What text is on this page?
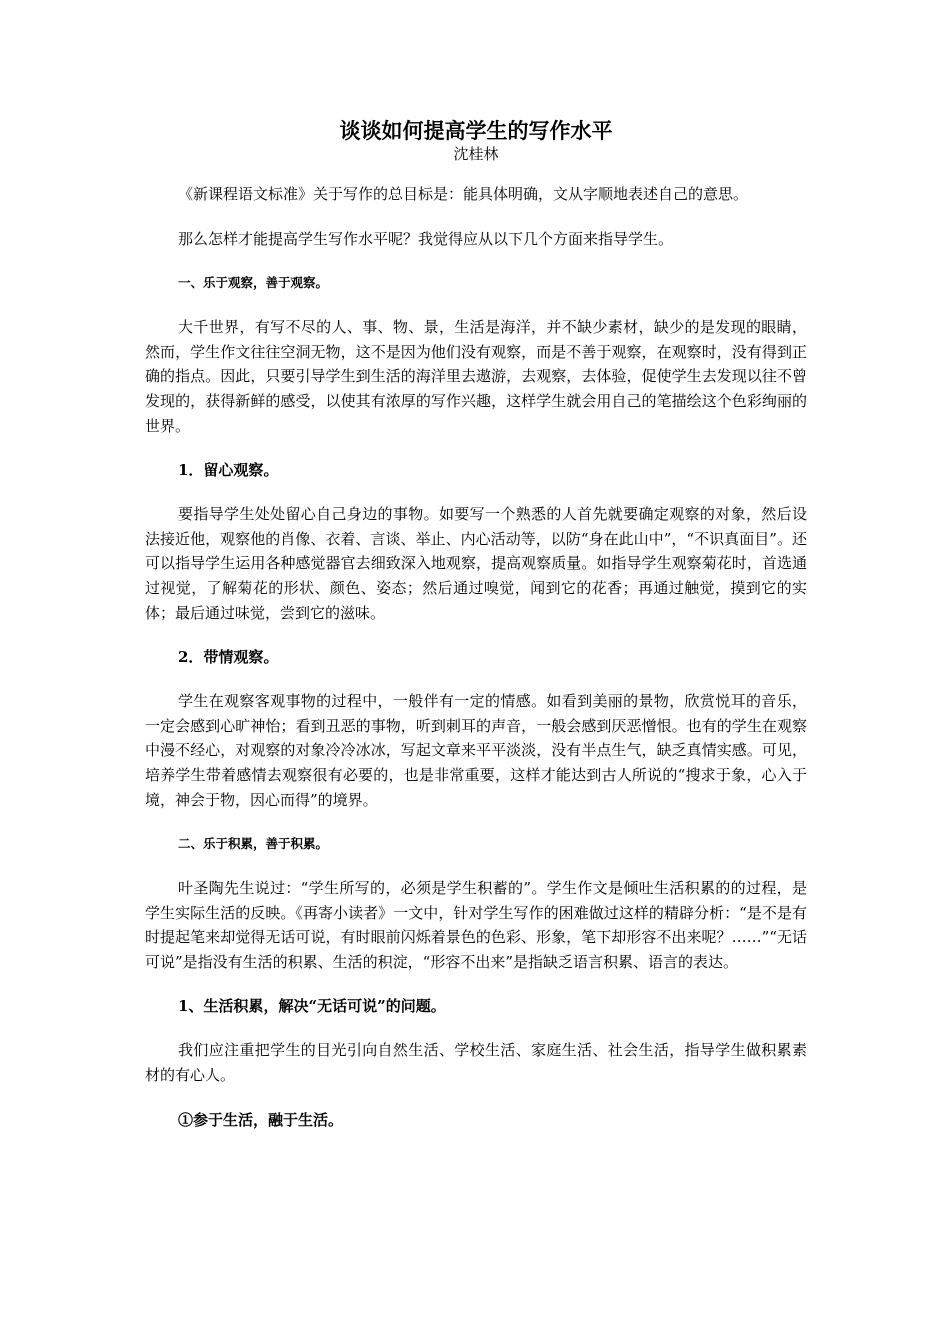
谈谈如何提高学生的写作水平
沈桂林

《新课程语文标准》关于写作的总目标是：能具体明确，文从字顺地表述自己的意思。

那么怎样才能提高学生写作水平呢？我觉得应从以下几个方面来指导学生。

一、乐于观察，善于观察。

大千世界，有写不尽的人、事、物、景，生活是海洋，并不缺少素材，缺少的是发现的眼睛，然而，学生作文往往空洞无物，这不是因为他们没有观察，而是不善于观察，在观察时，没有得到正确的指点。因此，只要引导学生到生活的海洋里去遨游，去观察，去体验，促使学生去发现以往不曾发现的，获得新鲜的感受，以使其有浓厚的写作兴趣，这样学生就会用自己的笔描绘这个色彩绚丽的世界。

1．留心观察。

要指导学生处处留心自己身边的事物。如要写一个熟悉的人首先就要确定观察的对象，然后设法接近他，观察他的肖像、衣着、言谈、举止、内心活动等，以防“身在此山中”，“不识真面目”。还可以指导学生运用各种感觉器官去细致深入地观察，提高观察质量。如指导学生观察菊花时，首选通过视觉，了解菊花的形状、颜色、姿态；然后通过嗅觉，闻到它的花香；再通过触觉，摸到它的实体；最后通过味觉，尝到它的滋味。

2．带情观察。

学生在观察客观事物的过程中，一般伴有一定的情感。如看到美丽的景物，欣赏悦耳的音乐，一定会感到心旷神怡；看到丑恶的事物，听到刺耳的声音，一般会感到厌恶憎恨。也有的学生在观察中漫不经心，对观察的对象冷冷冰冰，写起文章来平平淡淡，没有半点生气，缺乏真情实感。可见，培养学生带着感情去观察很有必要的，也是非常重要，这样才能达到古人所说的“搜求于象，心入于境，神会于物，因心而得”的境界。

二、乐于积累，善于积累。

叶圣陶先生说过：“学生所写的，必须是学生积蓄的”。学生作文是倾吐生活积累的的过程，是学生实际生活的反映。《再寄小读者》一文中，针对学生写作的困难做过这样的精辟分析：“是不是有时提起笔来却觉得无话可说，有时眼前闪烁着景色的色彩、形象，笔下却形容不出来呢？……”“无话可说”是指没有生活的积累、生活的积淀，“形容不出来”是指缺乏语言积累、语言的表达。

1、生活积累，解决“无话可说”的问题。

我们应注重把学生的目光引向自然生活、学校生活、家庭生活、社会生活，指导学生做积累素材的有心人。

①参于生活，融于生活。
